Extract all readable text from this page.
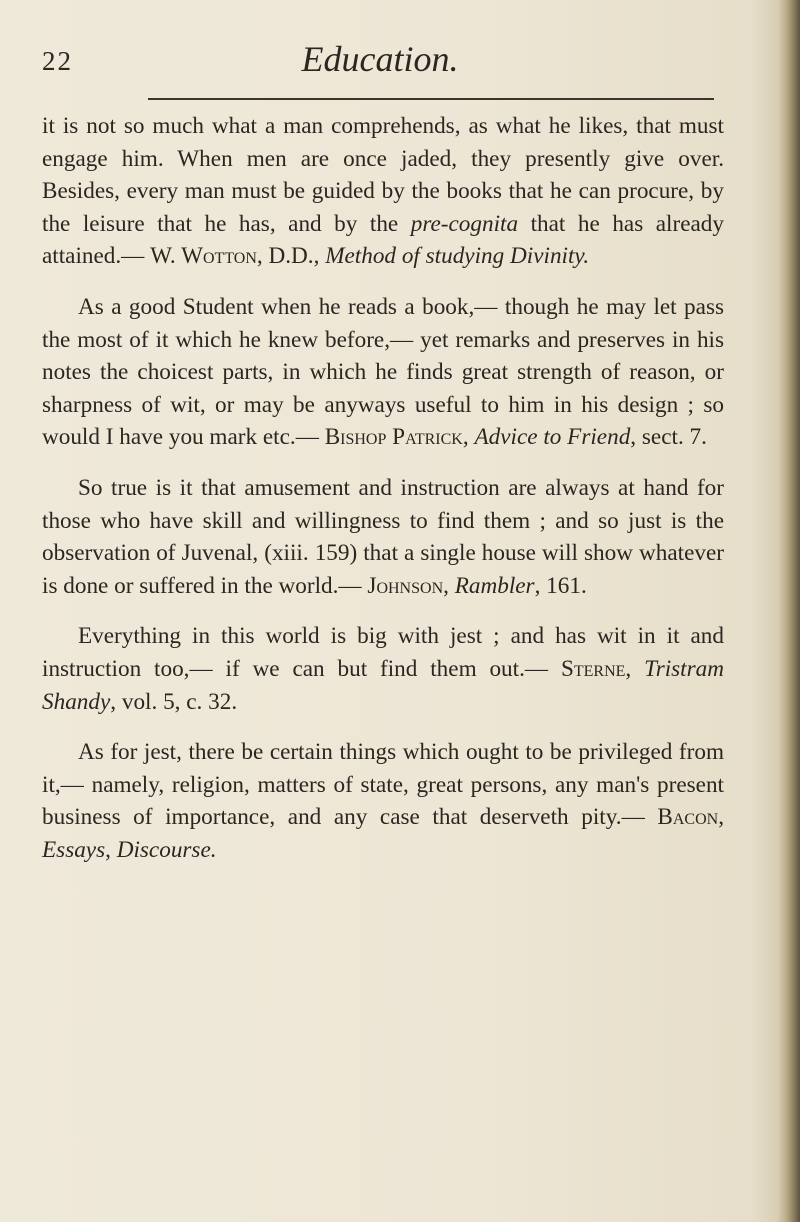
22	Education.

it is not so much what a man comprehends, as what he likes, that must engage him. When men are once jaded, they presently give over. Besides, every man must be guided by the books that he can procure, by the leisure that he has, and by the pre-cognita that he has already attained.— W. Wotton, D.D., Method of studying Divinity.

As a good Student when he reads a book,— though he may let pass the most of it which he knew before,— yet remarks and preserves in his notes the choicest parts, in which he finds great strength of reason, or sharpness of wit, or may be anyways useful to him in his design ; so would I have you mark etc.— Bishop Patrick, Advice to Friend, sect. 7.

So true is it that amusement and instruction are always at hand for those who have skill and willingness to find them ; and so just is the observation of Juvenal, (xiii. 159) that a single house will show whatever is done or suffered in the world.— Johnson, Rambler, 161.

Everything in this world is big with jest ; and has wit in it and instruction too,— if we can but find them out.— Sterne, Tristram Shandy, vol. 5, c. 32.

As for jest, there be certain things which ought to be privileged from it,— namely, religion, matters of state, great persons, any man's present business of importance, and any case that deserveth pity.— Bacon, Essays, Discourse.
